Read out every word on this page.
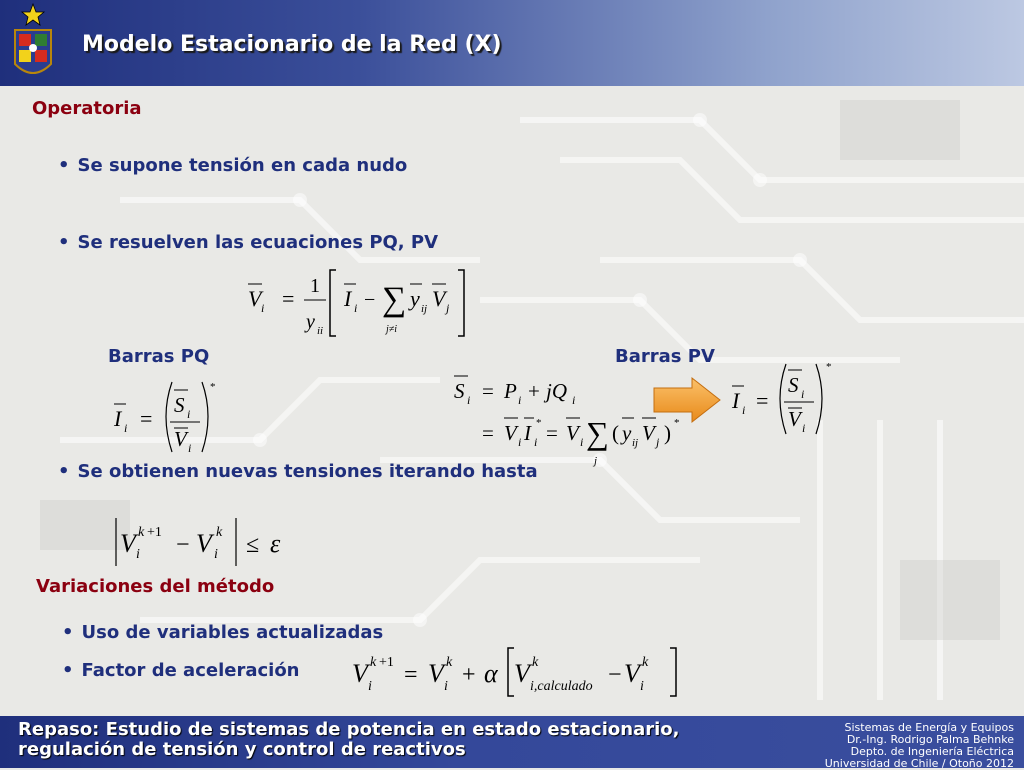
Modelo Estacionario de la Red (X)
Operatoria
• Se supone tensión en cada nudo
• Se resuelven las ecuaciones PQ, PV
V i = 1
y ii
I i − ∑
j≠i
y ij V j
Barras PQ	Barras PV
I i =
S i
V i
*	S i = P i + jQ i
= V i I i
* = V i ∑
j
( y ij V j ) *
I i =
S i
V i
*
• Se obtienen nuevas tensiones iterando hasta
V k +1
i − V k
i ≤ ε
Variaciones del método
• Uso de variables actualizadas
• Factor de aceleración V k +1
i = V k
i + α V k
i,calculado − V k
i
Repaso: Estudio de sistemas de potencia en estado estacionario,
regulación de tensión y control de reactivos
Sistemas de Energía y Equipos
Dr.-Ing. Rodrigo Palma Behnke
Depto. de Ingeniería Eléctrica
Universidad de Chile / Otoño 2012
